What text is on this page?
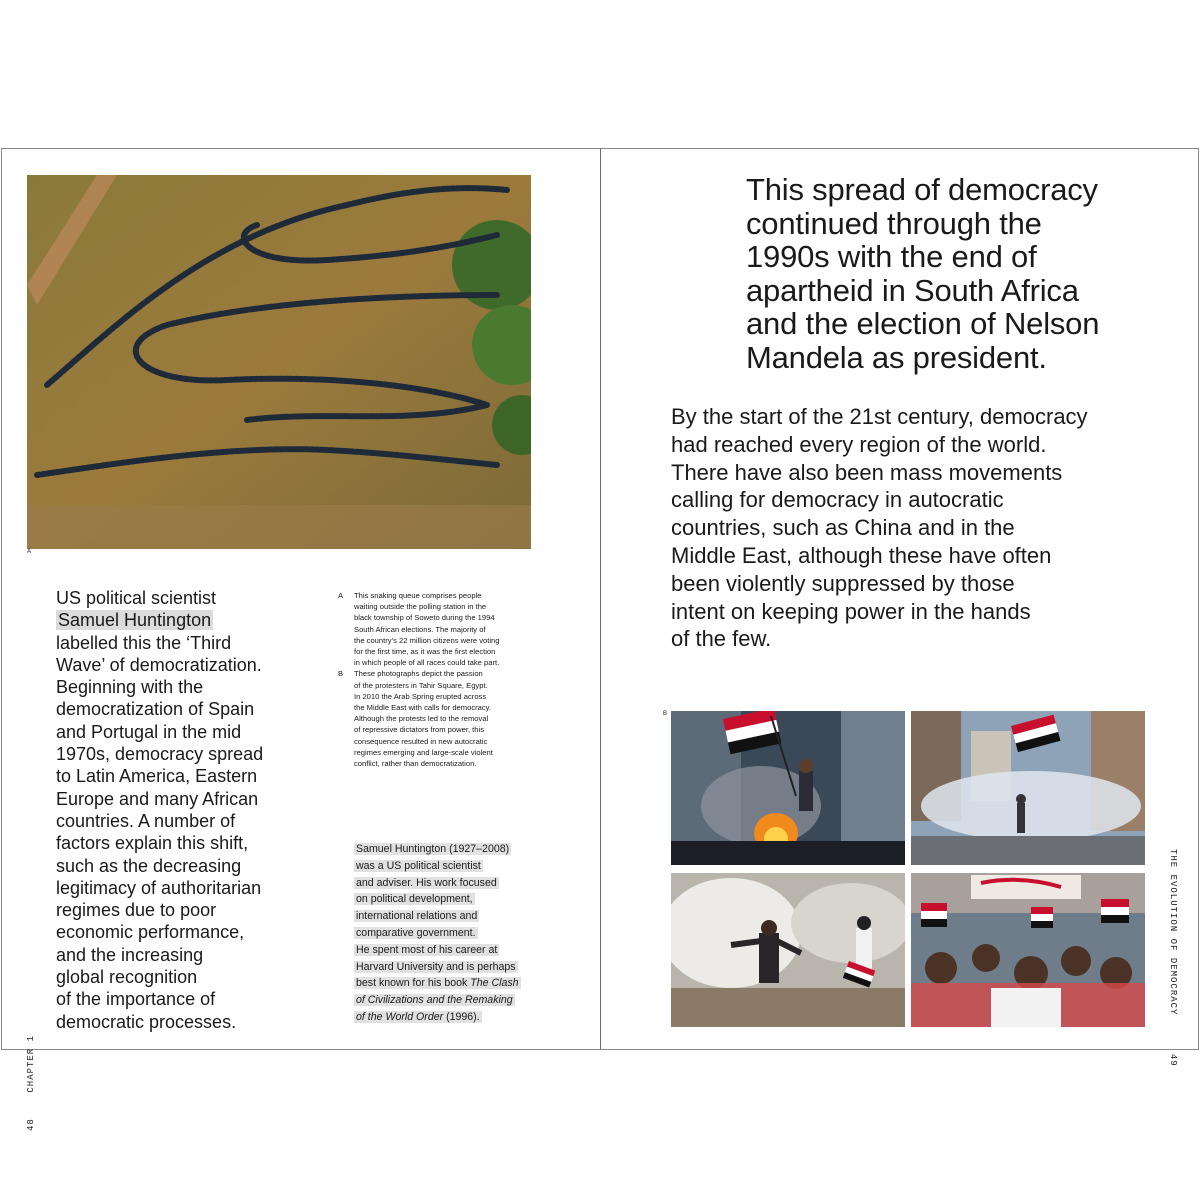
A

US political scientist
Samuel Huntington
labelled this the ‘Third
Wave’ of democratization.
Beginning with the
democratization of Spain
and Portugal in the mid
1970s, democracy spread
to Latin America, Eastern
Europe and many African
countries. A number of
factors explain this shift,
such as the decreasing
legitimacy of authoritarian
regimes due to poor
economic performance,
and the increasing
global recognition
of the importance of
democratic processes.

A This snaking queue comprises people
waiting outside the polling station in the
black township of Soweto during the 1994
South African elections. The majority of
the country’s 22 million citizens were voting
for the first time, as it was the first election
in which people of all races could take part.

B These photographs depict the passion
of the protesters in Tahir Square, Egypt.
In 2010 the Arab Spring erupted across
the Middle East with calls for democracy.
Although the protests led to the removal
of repressive dictators from power, this
consequence resulted in new autocratic
regimes emerging and large-scale violent
conflict, rather than democratization.

Samuel Huntington (1927–2008)
was a US political scientist
and adviser. His work focused
on political development,
international relations and
comparative government.
He spent most of his career at
Harvard University and is perhaps
best known for his book The Clash
of Civilizations and the Remaking
of the World Order (1996).

48    CHAPTER 1

This spread of democracy
continued through the
1990s with the end of
apartheid in South Africa
and the election of Nelson
Mandela as president.

By the start of the 21st century, democracy
had reached every region of the world.
There have also been mass movements
calling for democracy in autocratic
countries, such as China and in the
Middle East, although these have often
been violently suppressed by those
intent on keeping power in the hands
of the few.

B
THE EVOLUTION OF DEMOCRACY      49
